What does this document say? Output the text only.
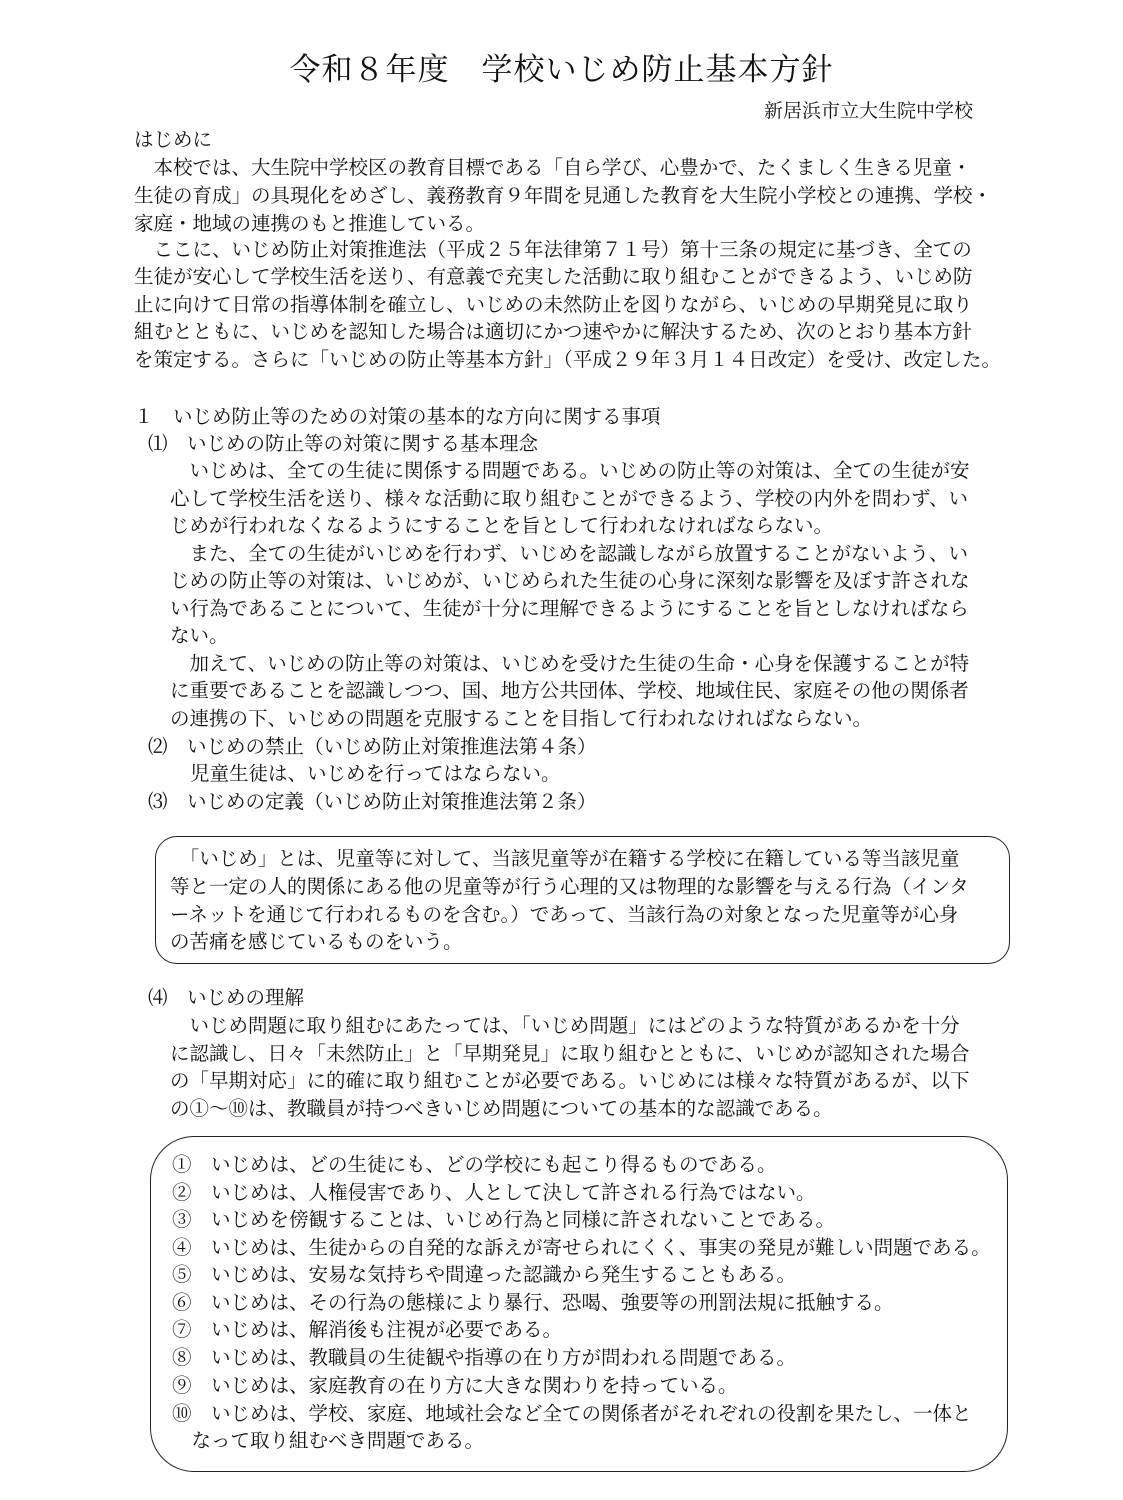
令和８年度　学校いじめ防止基本方針
新居浜市立大生院中学校
はじめに
　本校では、大生院中学校区の教育目標である「自ら学び、心豊かで、たくましく生きる児童・
生徒の育成」の具現化をめざし、義務教育９年間を見通した教育を大生院小学校との連携、学校・
家庭・地域の連携のもと推進している。
　ここに、いじめ防止対策推進法（平成２５年法律第７１号）第十三条の規定に基づき、全ての
生徒が安心して学校生活を送り、有意義で充実した活動に取り組むことができるよう、いじめ防
止に向けて日常の指導体制を確立し、いじめの未然防止を図りながら、いじめの早期発見に取り
組むとともに、いじめを認知した場合は適切にかつ速やかに解決するため、次のとおり基本方針
を策定する。さらに「いじめの防止等基本方針」（平成２９年３月１４日改定）を受け、改定した。
１　いじめ防止等のための対策の基本的な方向に関する事項
⑴　いじめの防止等の対策に関する基本理念
　いじめは、全ての生徒に関係する問題である。いじめの防止等の対策は、全ての生徒が安
心して学校生活を送り、様々な活動に取り組むことができるよう、学校の内外を問わず、い
じめが行われなくなるようにすることを旨として行われなければならない。
　また、全ての生徒がいじめを行わず、いじめを認識しながら放置することがないよう、い
じめの防止等の対策は、いじめが、いじめられた生徒の心身に深刻な影響を及ぼす許されな
い行為であることについて、生徒が十分に理解できるようにすることを旨としなければなら
ない。
　加えて、いじめの防止等の対策は、いじめを受けた生徒の生命・心身を保護することが特
に重要であることを認識しつつ、国、地方公共団体、学校、地域住民、家庭その他の関係者
の連携の下、いじめの問題を克服することを目指して行われなければならない。
⑵　いじめの禁止（いじめ防止対策推進法第４条）
児童生徒は、いじめを行ってはならない。
⑶　いじめの定義（いじめ防止対策推進法第２条）
　「いじめ」とは、児童等に対して、当該児童等が在籍する学校に在籍している等当該児童
等と一定の人的関係にある他の児童等が行う心理的又は物理的な影響を与える行為（インタ
ーネットを通じて行われるものを含む。）であって、当該行為の対象となった児童等が心身
の苦痛を感じているものをいう。
⑷　いじめの理解
　いじめ問題に取り組むにあたっては、「いじめ問題」にはどのような特質があるかを十分
に認識し、日々「未然防止」と「早期発見」に取り組むとともに、いじめが認知された場合
の「早期対応」に的確に取り組むことが必要である。いじめには様々な特質があるが、以下
の①～⑩は、教職員が持つべきいじめ問題についての基本的な認識である。
①　いじめは、どの生徒にも、どの学校にも起こり得るものである。
②　いじめは、人権侵害であり、人として決して許される行為ではない。
③　いじめを傍観することは、いじめ行為と同様に許されないことである。
④　いじめは、生徒からの自発的な訴えが寄せられにくく、事実の発見が難しい問題である。
⑤　いじめは、安易な気持ちや間違った認識から発生することもある。
⑥　いじめは、その行為の態様により暴行、恐喝、強要等の刑罰法規に抵触する。
⑦　いじめは、解消後も注視が必要である。
⑧　いじめは、教職員の生徒観や指導の在り方が問われる問題である。
⑨　いじめは、家庭教育の在り方に大きな関わりを持っている。
⑩　いじめは、学校、家庭、地域社会など全ての関係者がそれぞれの役割を果たし、一体と
　なって取り組むべき問題である。
